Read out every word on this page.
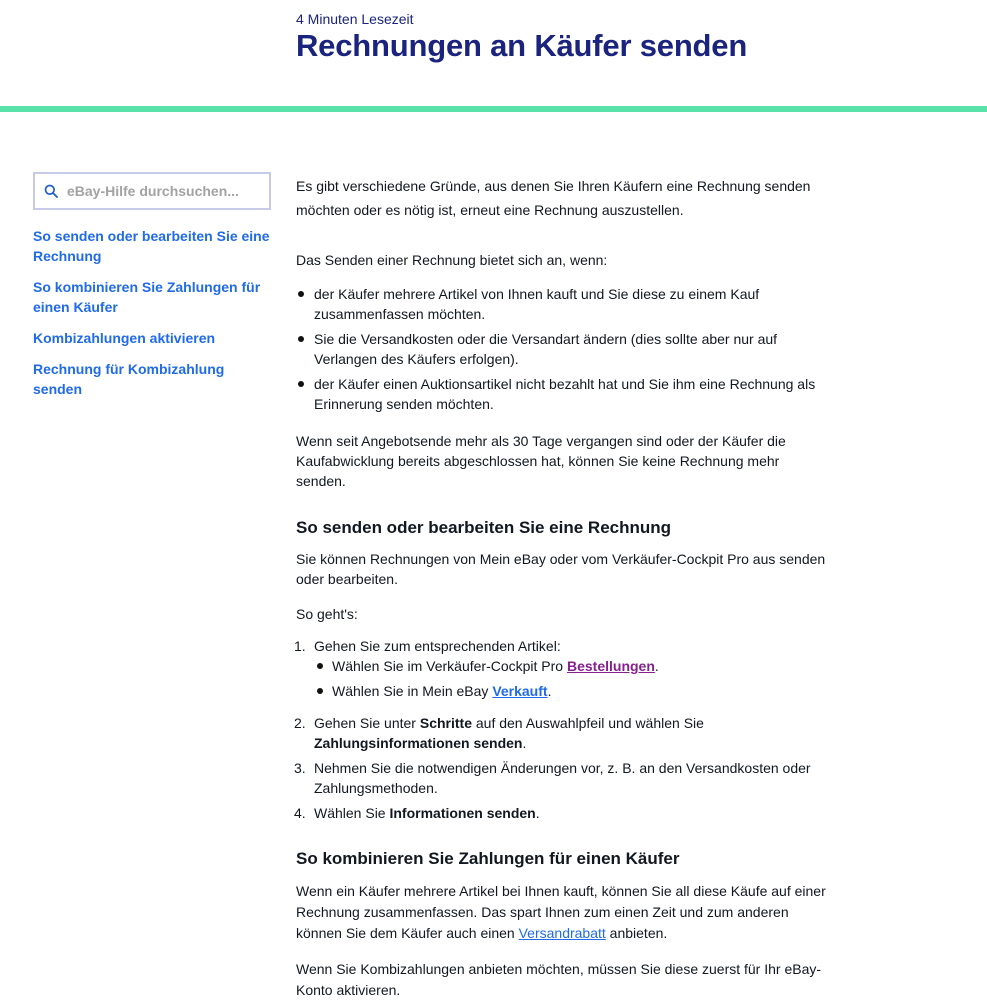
4 Minuten Lesezeit
Rechnungen an Käufer senden
eBay-Hilfe durchsuchen...
So senden oder bearbeiten Sie eine Rechnung
So kombinieren Sie Zahlungen für einen Käufer
Kombizahlungen aktivieren
Rechnung für Kombizahlung senden

Es gibt verschiedene Gründe, aus denen Sie Ihren Käufern eine Rechnung senden möchten oder es nötig ist, erneut eine Rechnung auszustellen.

Das Senden einer Rechnung bietet sich an, wenn:

der Käufer mehrere Artikel von Ihnen kauft und Sie diese zu einem Kauf zusammenfassen möchten.
Sie die Versandkosten oder die Versandart ändern (dies sollte aber nur auf Verlangen des Käufers erfolgen).
der Käufer einen Auktionsartikel nicht bezahlt hat und Sie ihm eine Rechnung als Erinnerung senden möchten.

Wenn seit Angebotsende mehr als 30 Tage vergangen sind oder der Käufer die Kaufabwicklung bereits abgeschlossen hat, können Sie keine Rechnung mehr senden.

So senden oder bearbeiten Sie eine Rechnung

Sie können Rechnungen von Mein eBay oder vom Verkäufer-Cockpit Pro aus senden oder bearbeiten.

So geht's:

1. Gehen Sie zum entsprechenden Artikel:
Wählen Sie im Verkäufer-Cockpit Pro Bestellungen.
Wählen Sie in Mein eBay Verkauft.
2. Gehen Sie unter Schritte auf den Auswahlpfeil und wählen Sie Zahlungsinformationen senden.
3. Nehmen Sie die notwendigen Änderungen vor, z. B. an den Versandkosten oder Zahlungsmethoden.
4. Wählen Sie Informationen senden.
So kombinieren Sie Zahlungen für einen Käufer

Wenn ein Käufer mehrere Artikel bei Ihnen kauft, können Sie all diese Käufe auf einer Rechnung zusammenfassen. Das spart Ihnen zum einen Zeit und zum anderen können Sie dem Käufer auch einen Versandrabatt anbieten.

Wenn Sie Kombizahlungen anbieten möchten, müssen Sie diese zuerst für Ihr eBay-Konto aktivieren.
